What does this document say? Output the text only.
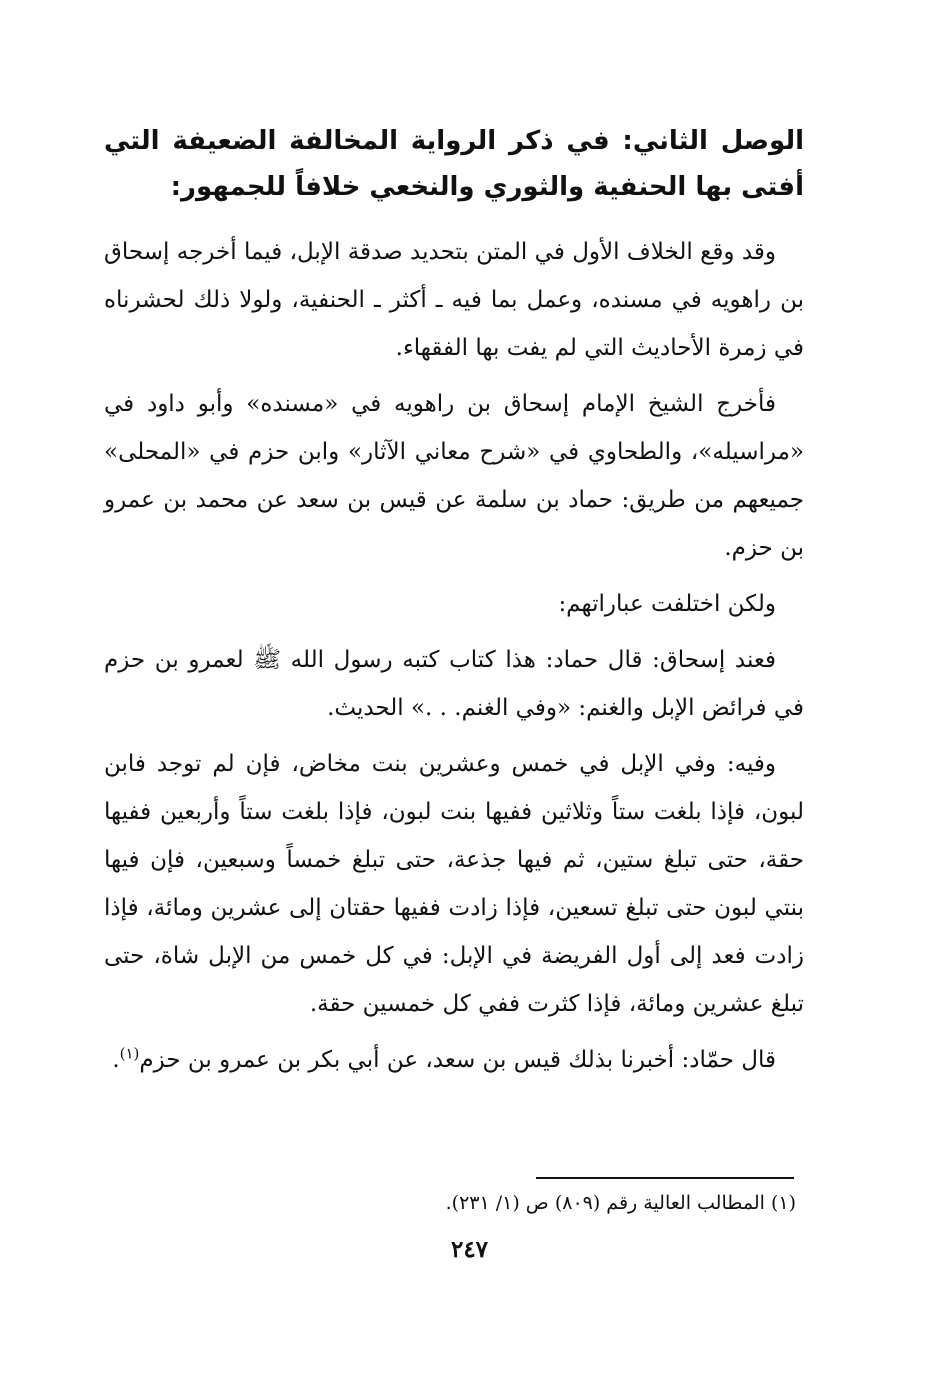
الوصل الثاني: في ذكر الرواية المخالفة الضعيفة التي أفتى بها الحنفية والثوري والنخعي خلافاً للجمهور:

وقد وقع الخلاف الأول في المتن بتحديد صدقة الإبل، فيما أخرجه إسحاق بن راهويه في مسنده، وعمل بما فيه ـ أكثر ـ الحنفية، ولولا ذلك لحشرناه في زمرة الأحاديث التي لم يفت بها الفقهاء.

فأخرج الشيخ الإمام إسحاق بن راهويه في «مسنده» وأبو داود في «مراسيله»، والطحاوي في «شرح معاني الآثار» وابن حزم في «المحلى» جميعهم من طريق: حماد بن سلمة عن قيس بن سعد عن محمد بن عمرو بن حزم.

ولكن اختلفت عباراتهم:

فعند إسحاق: قال حماد: هذا كتاب كتبه رسول الله ﷺ لعمرو بن حزم في فرائض الإبل والغنم: «وفي الغنم. . .» الحديث.

وفيه: وفي الإبل في خمس وعشرين بنت مخاض، فإن لم توجد فابن لبون، فإذا بلغت ستاً وثلاثين ففيها بنت لبون، فإذا بلغت ستاً وأربعين ففيها حقة، حتى تبلغ ستين، ثم فيها جذعة، حتى تبلغ خمساً وسبعين، فإن فيها بنتي لبون حتى تبلغ تسعين، فإذا زادت ففيها حقتان إلى عشرين ومائة، فإذا زادت فعد إلى أول الفريضة في الإبل: في كل خمس من الإبل شاة، حتى تبلغ عشرين ومائة، فإذا كثرت ففي كل خمسين حقة.

قال حمّاد: أخبرنا بذلك قيس بن سعد، عن أبي بكر بن عمرو بن حزم$^{(١)}$.

(١) المطالب العالية رقم (٨٠٩) ص (١/ ٢٣١).
٢٤٧
